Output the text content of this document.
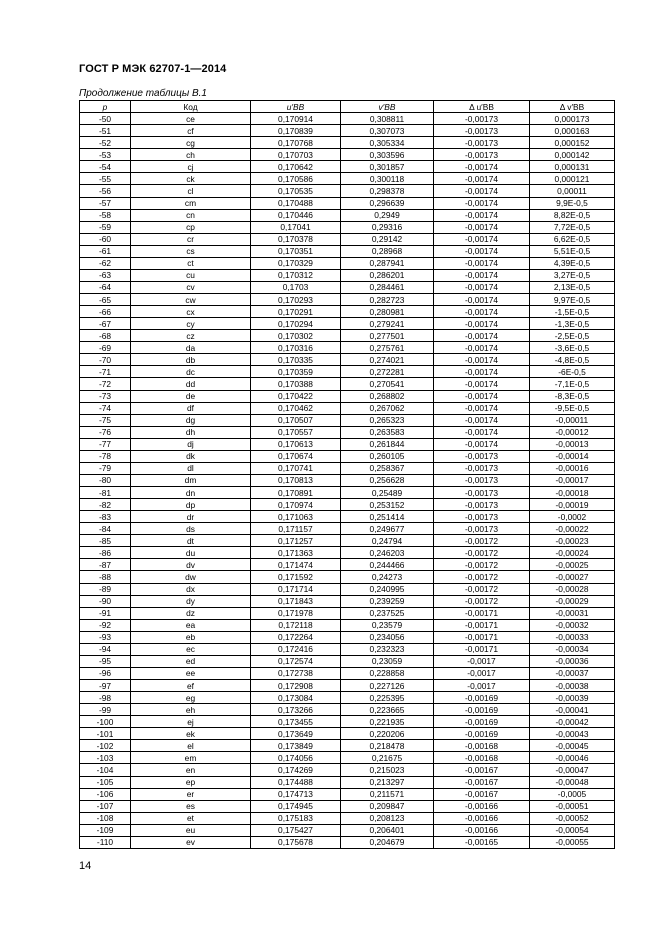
ГОСТ Р МЭК 62707-1—2014
Продолжение таблицы В.1
p	Код	u′BB	v′BB	Δ u′BB	Δ v′BB
-50	ce	0,170914	0,308811	-0,00173	0,000173
-51	cf	0,170839	0,307073	-0,00173	0,000163
-52	cg	0,170768	0,305334	-0,00173	0,000152
-53	ch	0,170703	0,303596	-0,00173	0,000142
-54	cj	0,170642	0,301857	-0,00174	0,000131
-55	ck	0,170586	0,300118	-0,00174	0,000121
-56	cl	0,170535	0,298378	-0,00174	0,00011
-57	cm	0,170488	0,296639	-0,00174	9,9E-0,5
-58	cn	0,170446	0,2949	-0,00174	8,82E-0,5
-59	cp	0,17041	0,29316	-0,00174	7,72E-0,5
-60	cr	0,170378	0,29142	-0,00174	6,62E-0,5
-61	cs	0,170351	0,28968	-0,00174	5,51E-0,5
-62	ct	0,170329	0,287941	-0,00174	4,39E-0,5
-63	cu	0,170312	0,286201	-0,00174	3,27E-0,5
-64	cv	0,1703	0,284461	-0,00174	2,13E-0,5
-65	cw	0,170293	0,282723	-0,00174	9,97E-0,5
-66	cx	0,170291	0,280981	-0,00174	-1,5E-0,5
-67	cy	0,170294	0,279241	-0,00174	-1,3E-0,5
-68	cz	0,170302	0,277501	-0,00174	-2,5E-0,5
-69	da	0,170316	0,275761	-0,00174	-3,6E-0,5
-70	db	0,170335	0,274021	-0,00174	-4,8E-0,5
-71	dc	0,170359	0,272281	-0,00174	-6E-0,5
-72	dd	0,170388	0,270541	-0,00174	-7,1E-0,5
-73	de	0,170422	0,268802	-0,00174	-8,3E-0,5
-74	df	0,170462	0,267062	-0,00174	-9,5E-0,5
-75	dg	0,170507	0,265323	-0,00174	-0,00011
-76	dh	0,170557	0,263583	-0,00174	-0,00012
-77	dj	0,170613	0,261844	-0,00174	-0,00013
-78	dk	0,170674	0,260105	-0,00173	-0,00014
-79	dl	0,170741	0,258367	-0,00173	-0,00016
-80	dm	0,170813	0,256628	-0,00173	-0,00017
-81	dn	0,170891	0,25489	-0,00173	-0,00018
-82	dp	0,170974	0,253152	-0,00173	-0,00019
-83	dr	0,171063	0,251414	-0,00173	-0,0002
-84	ds	0,171157	0,249677	-0,00173	-0,00022
-85	dt	0,171257	0,24794	-0,00172	-0,00023
-86	du	0,171363	0,246203	-0,00172	-0,00024
-87	dv	0,171474	0,244466	-0,00172	-0,00025
-88	dw	0,171592	0,24273	-0,00172	-0,00027
-89	dx	0,171714	0,240995	-0,00172	-0,00028
-90	dy	0,171843	0,239259	-0,00172	-0,00029
-91	dz	0,171978	0,237525	-0,00171	-0,00031
-92	ea	0,172118	0,23579	-0,00171	-0,00032
-93	eb	0,172264	0,234056	-0,00171	-0,00033
-94	ec	0,172416	0,232323	-0,00171	-0,00034
-95	ed	0,172574	0,23059	-0,0017	-0,00036
-96	ee	0,172738	0,228858	-0,0017	-0,00037
-97	ef	0,172908	0,227126	-0,0017	-0,00038
-98	eg	0,173084	0,225395	-0,00169	-0,00039
-99	eh	0,173266	0,223665	-0,00169	-0,00041
-100	ej	0,173455	0,221935	-0,00169	-0,00042
-101	ek	0,173649	0,220206	-0,00169	-0,00043
-102	el	0,173849	0,218478	-0,00168	-0,00045
-103	em	0,174056	0,21675	-0,00168	-0,00046
-104	en	0,174269	0,215023	-0,00167	-0,00047
-105	ep	0,174488	0,213297	-0,00167	-0,00048
-106	er	0,174713	0,211571	-0,00167	-0,0005
-107	es	0,174945	0,209847	-0,00166	-0,00051
-108	et	0,175183	0,208123	-0,00166	-0,00052
-109	eu	0,175427	0,206401	-0,00166	-0,00054
-110	ev	0,175678	0,204679	-0,00165	-0,00055
14
